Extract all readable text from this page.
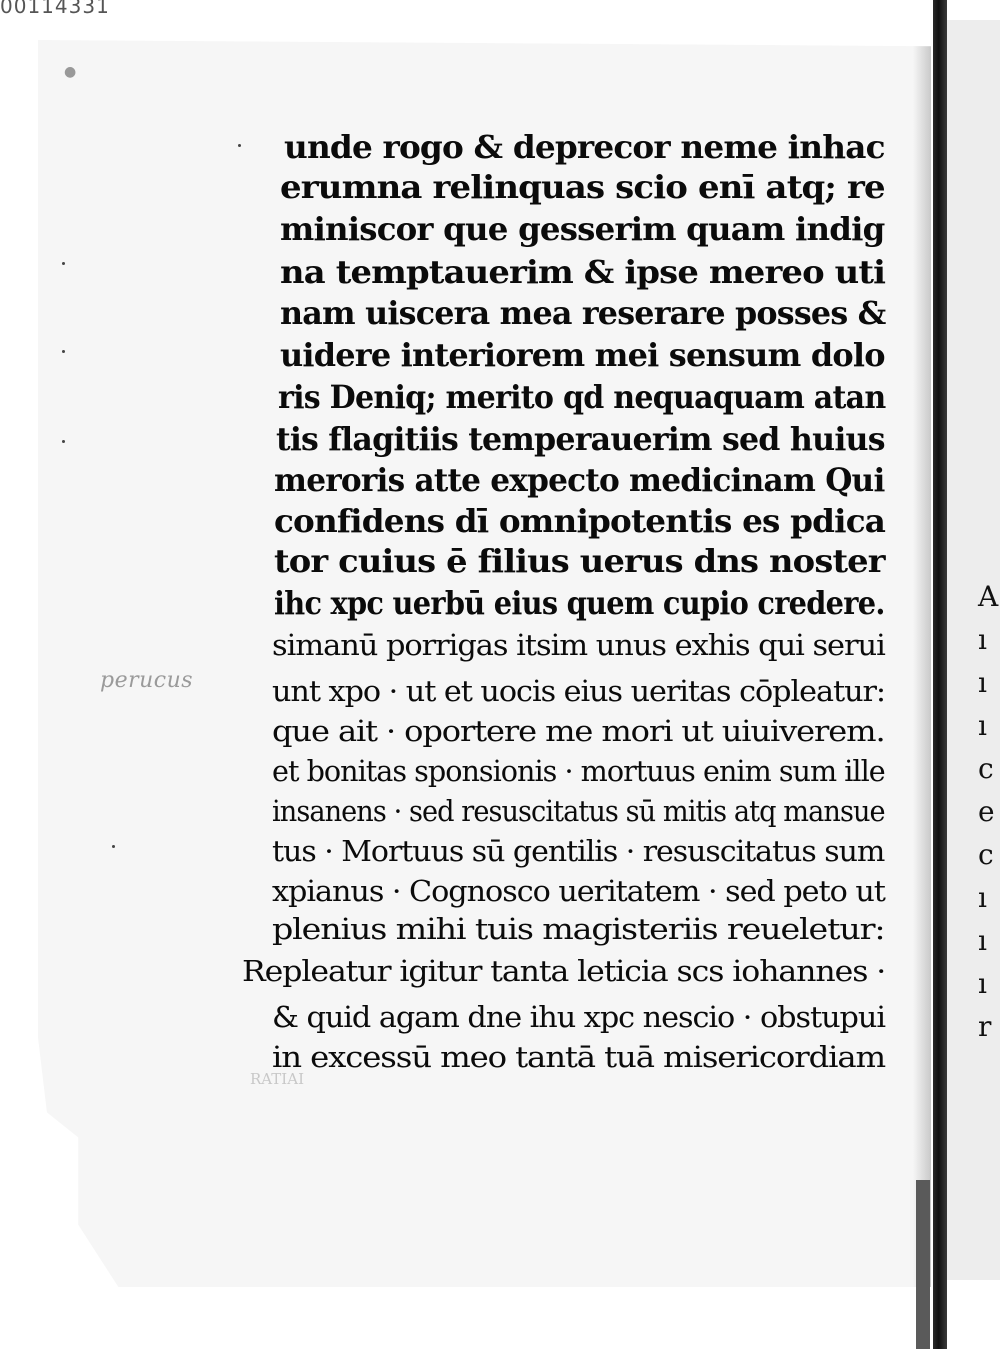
00114331
A
ı
ı
ı
c
e
c
ı
ı
ı
r
●
perucus
RATIAI
unde rogo & deprecor neme inhac
erumna relinquas scio enī atq; re
miniscor que gesserim quam indig
na temptauerim & ipse mereo uti
nam uiscera mea reserare posses &
uidere interiorem mei sensum dolo
ris Deniq; merito qd nequaquam atan
tis flagitiis temperauerim sed huius
meroris atte expecto medicinam Qui
confidens dī omnipotentis es pdica
tor cuius ē filius uerus dns noster
ihc xpc uerbū eius quem cupio credere.
simanū porrigas itsim unus exhis qui serui
unt xpo · ut et uocis eius ueritas cōpleatur:
que ait · oportere me mori ut uiuiverem.
et bonitas sponsionis · mortuus enim sum ille
insanens · sed resuscitatus sū mitis atq mansue
tus · Mortuus sū gentilis · resuscitatus sum
xpianus · Cognosco ueritatem · sed peto ut
plenius mihi tuis magisteriis reueletur:
Repleatur igitur tanta leticia scs iohannes ·
& quid agam dne ihu xpc nescio · obstupui
in excessū meo tantā tuā misericordiam
